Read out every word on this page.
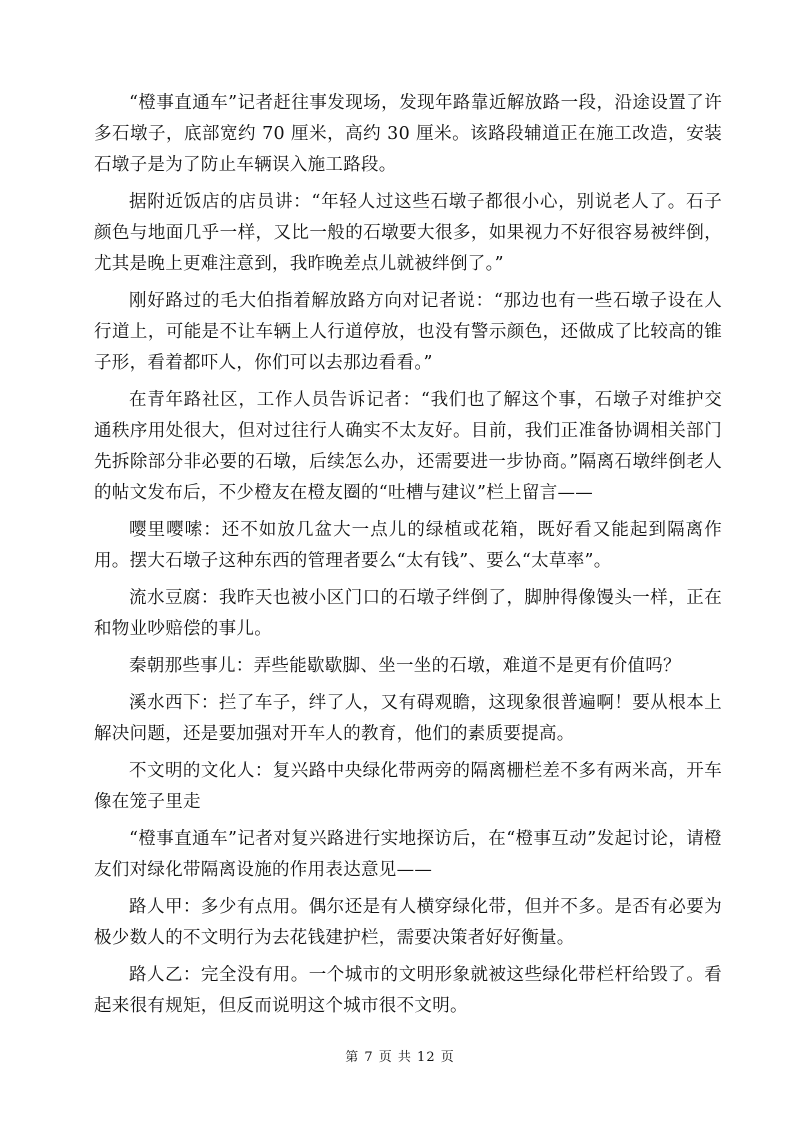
“橙事直通车”记者赶往事发现场，发现年路靠近解放路一段，沿途设置了许多石墩子，底部宽约 70 厘米，高约 30 厘米。该路段辅道正在施工改造，安装石墩子是为了防止车辆误入施工路段。

据附近饭店的店员讲：“年轻人过这些石墩子都很小心，别说老人了。石子颜色与地面几乎一样，又比一般的石墩要大很多，如果视力不好很容易被绊倒，尤其是晚上更难注意到，我昨晚差点儿就被绊倒了。”

刚好路过的毛大伯指着解放路方向对记者说：“那边也有一些石墩子设在人行道上，可能是不让车辆上人行道停放，也没有警示颜色，还做成了比较高的锥子形，看着都吓人，你们可以去那边看看。”

在青年路社区，工作人员告诉记者：“我们也了解这个事，石墩子对维护交通秩序用处很大，但对过往行人确实不太友好。目前，我们正准备协调相关部门先拆除部分非必要的石墩，后续怎么办，还需要进一步协商。”隔离石墩绊倒老人的帖文发布后，不少橙友在橙友圈的“吐槽与建议”栏上留言——

嘤里嘤嗦：还不如放几盆大一点儿的绿植或花箱，既好看又能起到隔离作用。摆大石墩子这种东西的管理者要么“太有钱”、要么“太草率”。

流水豆腐：我昨天也被小区门口的石墩子绊倒了，脚肿得像馒头一样，正在和物业吵赔偿的事儿。

秦朝那些事儿：弄些能歇歇脚、坐一坐的石墩，难道不是更有价值吗？

溪水西下：拦了车子，绊了人，又有碍观瞻，这现象很普遍啊！要从根本上解决问题，还是要加强对开车人的教育，他们的素质要提高。

不文明的文化人：复兴路中央绿化带两旁的隔离栅栏差不多有两米高，开车像在笼子里走

“橙事直通车”记者对复兴路进行实地探访后，在“橙事互动”发起讨论，请橙友们对绿化带隔离设施的作用表达意见——

路人甲：多少有点用。偶尔还是有人横穿绿化带，但并不多。是否有必要为极少数人的不文明行为去花钱建护栏，需要决策者好好衡量。

路人乙：完全没有用。一个城市的文明形象就被这些绿化带栏杆给毁了。看起来很有规矩，但反而说明这个城市很不文明。

第 7 页 共 12 页
